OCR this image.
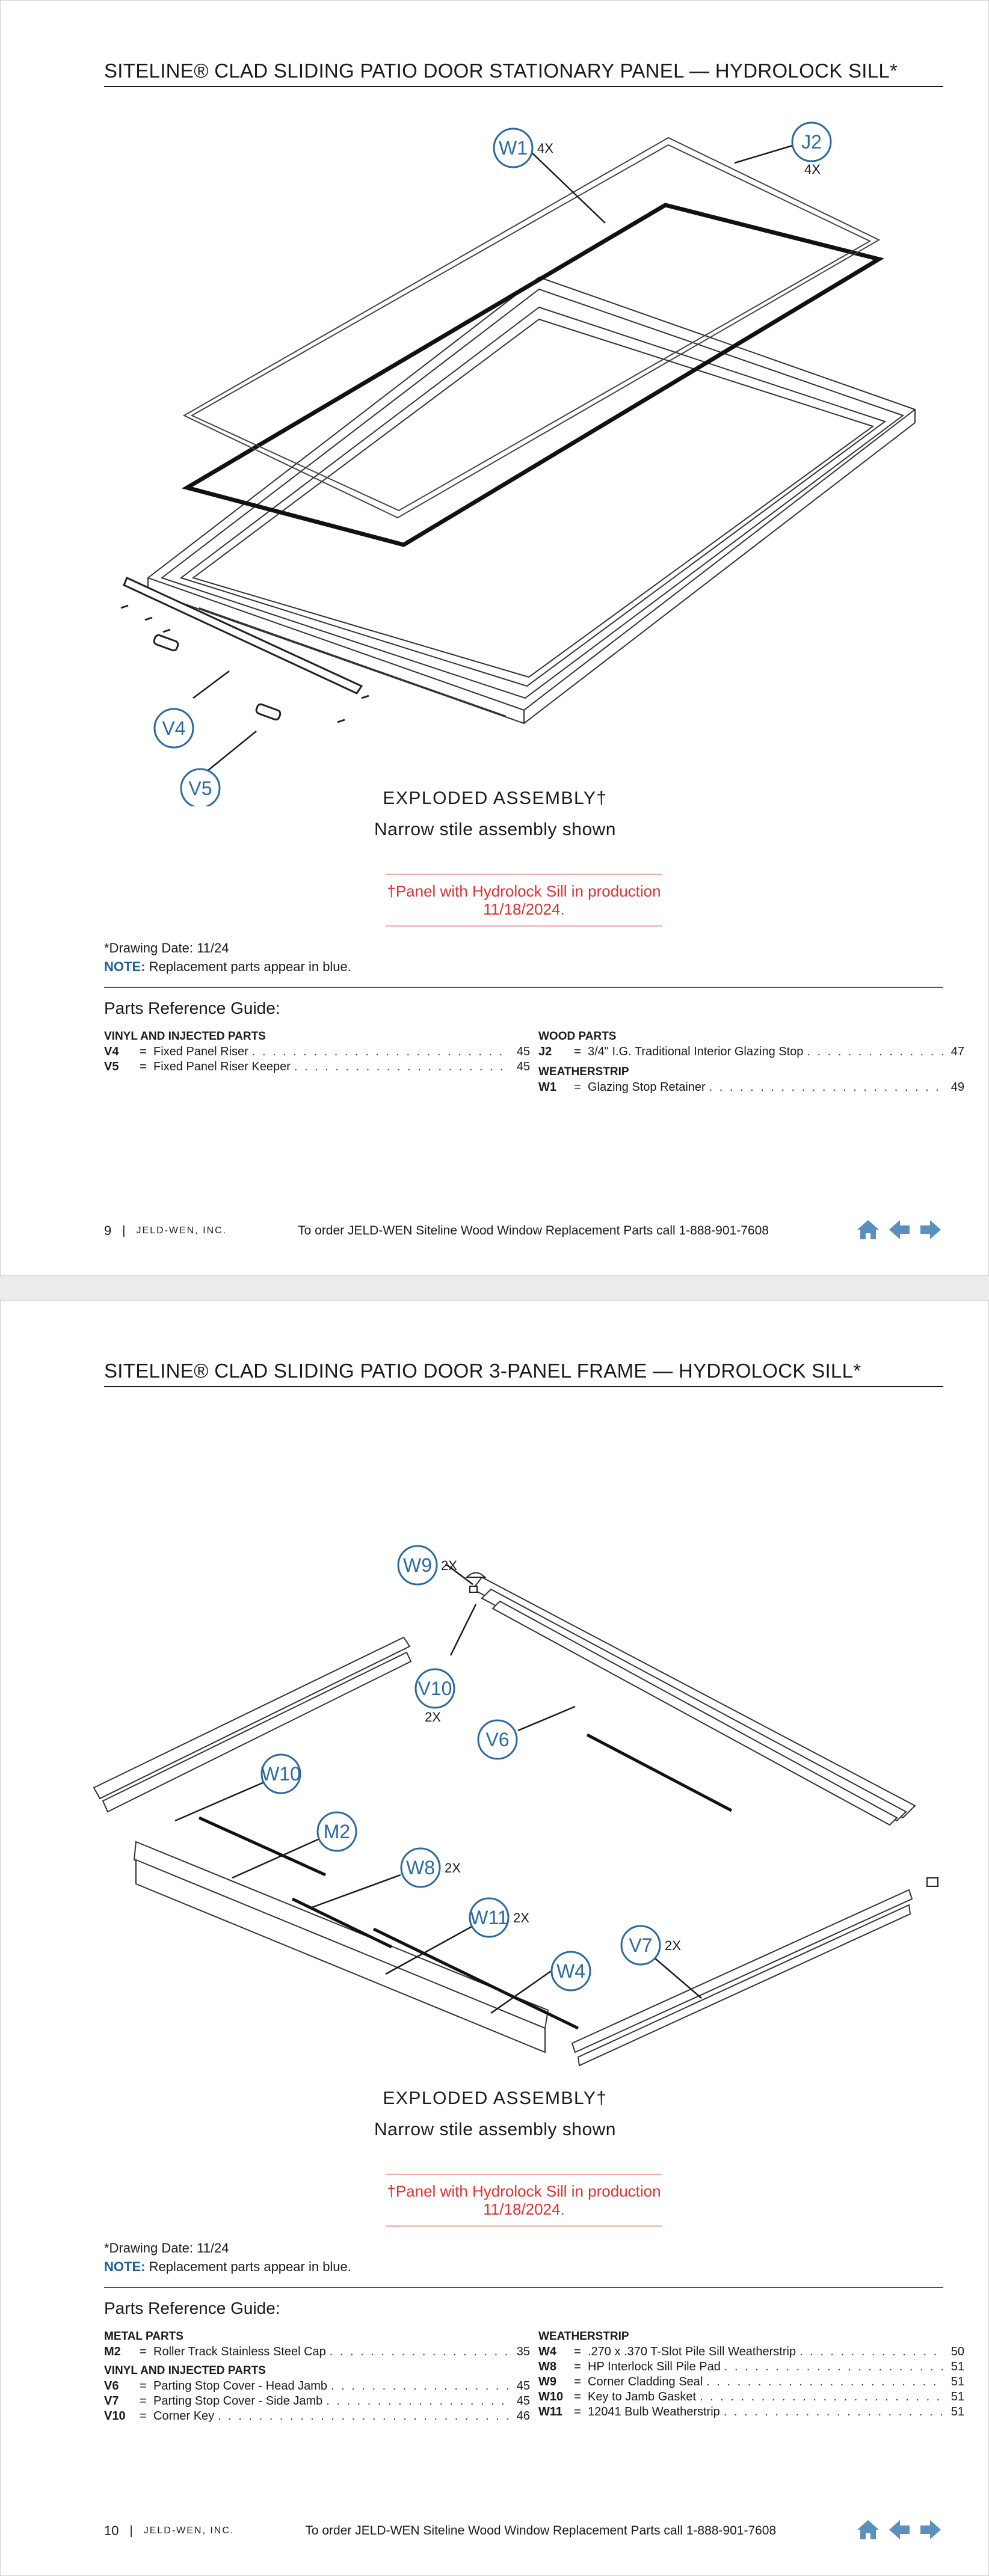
SITELINE® CLAD SLIDING PATIO DOOR STATIONARY PANEL — HYDROLOCK SILL*
W1 4X	J2
4X
V4
V5	EXPLODED ASSEMBLY†
Narrow stile assembly shown
†Panel with Hydrolock Sill in production
11/18/2024.
*Drawing Date: 11/24
NOTE: Replacement parts appear in blue.
Parts Reference Guide:
VINYL AND INJECTED PARTS
V4	= Fixed Panel Riser . . .	45
V5	= Fixed Panel Riser Keeper . . .	45
WOOD PARTS
J2	= 3/4" I.G. Traditional Interior Glazing Stop . . .	47
WEATHERSTRIP
W1	= Glazing Stop Retainer . . .	49
9 | JELD-WEN, INC.	To order JELD-WEN Siteline Wood Window Replacement Parts call 1-888-901-7608
SITELINE® CLAD SLIDING PATIO DOOR 3-PANEL FRAME — HYDROLOCK SILL*
W9 2X
V10
2X
V6
W10
M2
W8 2X
W11 2X
W4
V7 2X
EXPLODED ASSEMBLY†
Narrow stile assembly shown
†Panel with Hydrolock Sill in production
11/18/2024.
*Drawing Date: 11/24
NOTE: Replacement parts appear in blue.
Parts Reference Guide:
METAL PARTS
M2	= Roller Track Stainless Steel Cap . . .	35
VINYL AND INJECTED PARTS
V6	= Parting Stop Cover - Head Jamb . . .	45
V7	= Parting Stop Cover - Side Jamb . . .	45
V10	= Corner Key . . .	46
WEATHERSTRIP
W4	= .270 x .370 T-Slot Pile Sill Weatherstrip . . .	50
W8	= HP Interlock Sill Pile Pad . . .	51
W9	= Corner Cladding Seal . . .	51
W10 = Key to Jamb Gasket . . .	51
W11 = 12041 Bulb Weatherstrip . . .	51
10 | JELD-WEN, INC.	To order JELD-WEN Siteline Wood Window Replacement Parts call 1-888-901-7608
